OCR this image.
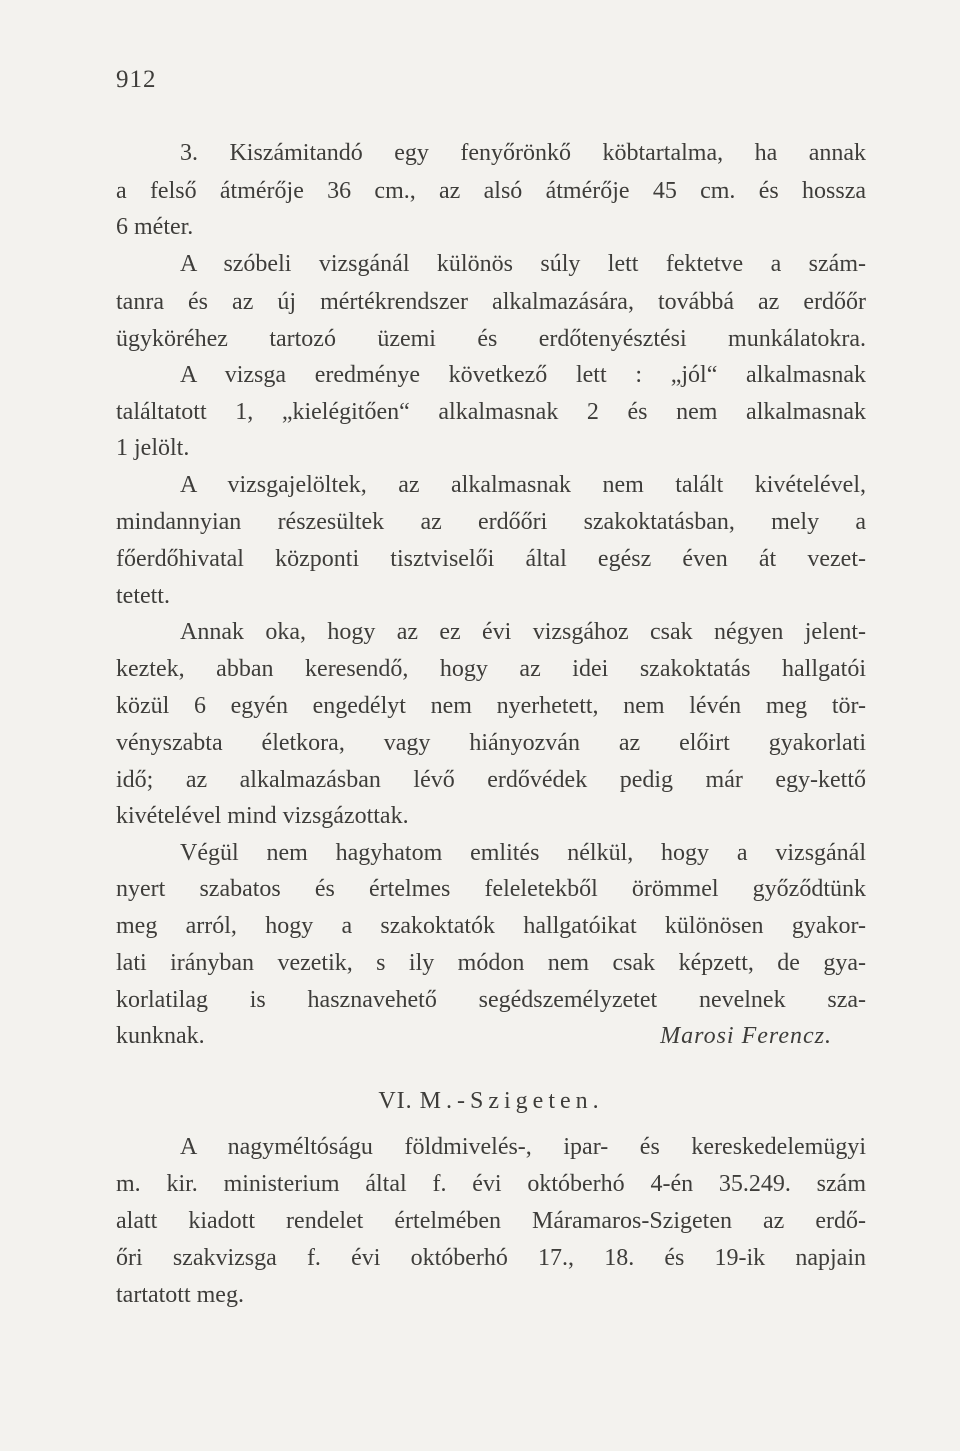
912
3. Kiszámitandó egy fenyőrönkő köbtartalma, ha annak
a felső átmérője 36 cm., az alsó átmérője 45 cm. és hossza
6 méter.
A szóbeli vizsgánál különös súly lett fektetve a szám-
tanra és az új mértékrendszer alkalmazására, továbbá az erdőőr
ügyköréhez tartozó üzemi és erdőtenyésztési munkálatokra.
A vizsga eredménye következő lett : „jól“ alkalmasnak
találtatott 1, „kielégitően“ alkalmasnak 2 és nem alkalmasnak
1 jelölt.
A vizsgajelöltek, az alkalmasnak nem talált kivételével,
mindannyian részesültek az erdőőri szakoktatásban, mely a
főerdőhivatal központi tisztviselői által egész éven át vezet-
tetett.
Annak oka, hogy az ez évi vizsgához csak négyen jelent-
keztek, abban keresendő, hogy az idei szakoktatás hallgatói
közül 6 egyén engedélyt nem nyerhetett, nem lévén meg tör-
vényszabta életkora, vagy hiányozván az előirt gyakorlati
idő; az alkalmazásban lévő erdővédek pedig már egy-kettő
kivételével mind vizsgázottak.
Végül nem hagyhatom emlités nélkül, hogy a vizsgánál
nyert szabatos és értelmes feleletekből örömmel győződtünk
meg arról, hogy a szakoktatók hallgatóikat különösen gyakor-
lati irányban vezetik, s ily módon nem csak képzett, de gya-
korlatilag is hasznavehető segédszemélyzetet nevelnek sza-
kunknak.	Marosi Ferencz.
VI. M.-Szigeten.
A nagyméltóságu földmivelés-, ipar- és kereskedelemügyi
m. kir. ministerium által f. évi októberhó 4-én 35.249. szám
alatt kiadott rendelet értelmében Máramaros-Szigeten az erdő-
őri szakvizsga f. évi októberhó 17., 18. és 19-ik napjain
tartatott meg.
